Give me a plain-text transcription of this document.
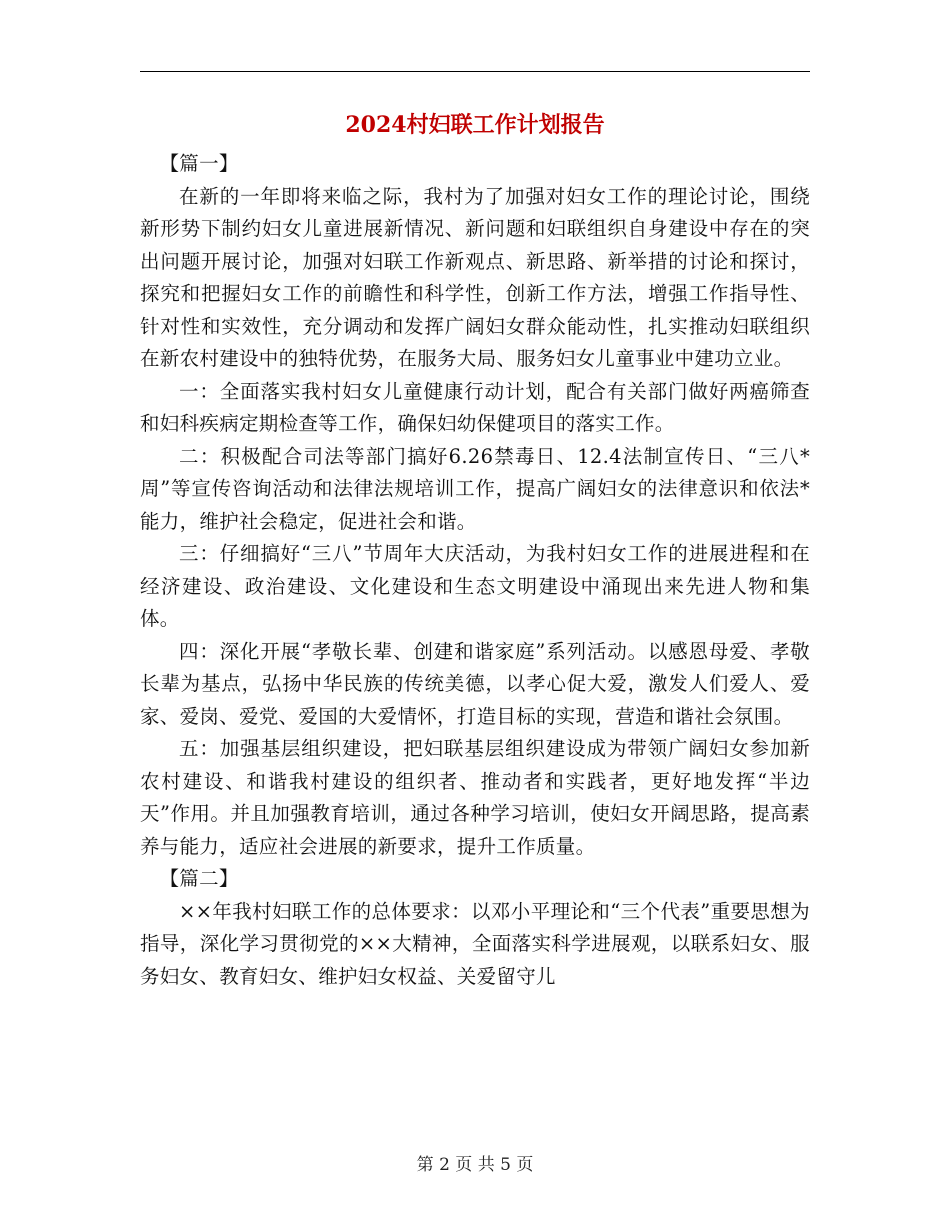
2024村妇联工作计划报告

【篇一】

在新的一年即将来临之际，我村为了加强对妇女工作的理论讨论，围绕新形势下制约妇女儿童进展新情况、新问题和妇联组织自身建设中存在的突出问题开展讨论，加强对妇联工作新观点、新思路、新举措的讨论和探讨，探究和把握妇女工作的前瞻性和科学性，创新工作方法，增强工作指导性、针对性和实效性，充分调动和发挥广阔妇女群众能动性，扎实推动妇联组织在新农村建设中的独特优势，在服务大局、服务妇女儿童事业中建功立业。

一：全面落实我村妇女儿童健康行动计划，配合有关部门做好两癌筛查和妇科疾病定期检查等工作，确保妇幼保健项目的落实工作。

二：积极配合司法等部门搞好6.26禁毒日、12.4法制宣传日、“三八*周”等宣传咨询活动和法律法规培训工作，提高广阔妇女的法律意识和依法*能力，维护社会稳定，促进社会和谐。

三：仔细搞好“三八”节周年大庆活动，为我村妇女工作的进展进程和在经济建设、政治建设、文化建设和生态文明建设中涌现出来先进人物和集体。

四：深化开展“孝敬长辈、创建和谐家庭”系列活动。以感恩母爱、孝敬长辈为基点，弘扬中华民族的传统美德，以孝心促大爱，激发人们爱人、爱家、爱岗、爱党、爱国的大爱情怀，打造目标的实现，营造和谐社会氛围。

五：加强基层组织建设，把妇联基层组织建设成为带领广阔妇女参加新农村建设、和谐我村建设的组织者、推动者和实践者，更好地发挥“半边天”作用。并且加强教育培训，通过各种学习培训，使妇女开阔思路，提高素养与能力，适应社会进展的新要求，提升工作质量。

【篇二】

××年我村妇联工作的总体要求：以邓小平理论和“三个代表”重要思想为指导，深化学习贯彻党的××大精神，全面落实科学进展观，以联系妇女、服务妇女、教育妇女、维护妇女权益、关爱留守儿

第 2 页 共 5 页
